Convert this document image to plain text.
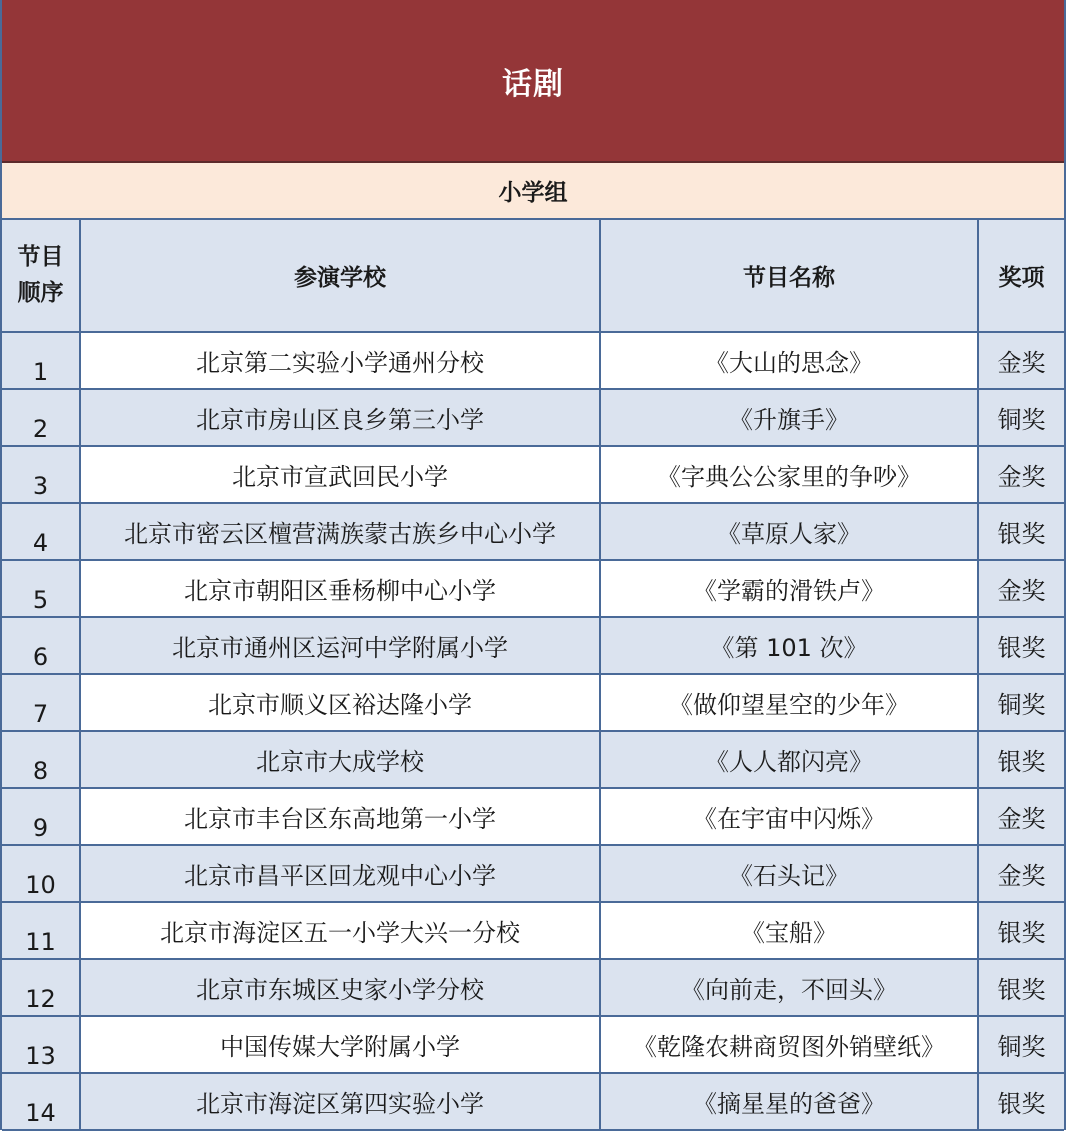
话剧
小学组
节目
顺序	参演学校	节目名称	奖项
1	北京第二实验小学通州分校	《大山的思念》	金奖
2	北京市房山区良乡第三小学	《升旗手》	铜奖
3	北京市宣武回民小学	《字典公公家里的争吵》	金奖
4	北京市密云区檀营满族蒙古族乡中心小学	《草原人家》	银奖
5	北京市朝阳区垂杨柳中心小学	《学霸的滑铁卢》	金奖
6	北京市通州区运河中学附属小学	《第 101 次》	银奖
7	北京市顺义区裕达隆小学	《做仰望星空的少年》	铜奖
8	北京市大成学校	《人人都闪亮》	银奖
9	北京市丰台区东高地第一小学	《在宇宙中闪烁》	金奖
10	北京市昌平区回龙观中心小学	《石头记》	金奖
11	北京市海淀区五一小学大兴一分校	《宝船》	银奖
12	北京市东城区史家小学分校	《向前走，不回头》	银奖
13	中国传媒大学附属小学	《乾隆农耕商贸图外销壁纸》	铜奖
14	北京市海淀区第四实验小学	《摘星星的爸爸》	银奖
